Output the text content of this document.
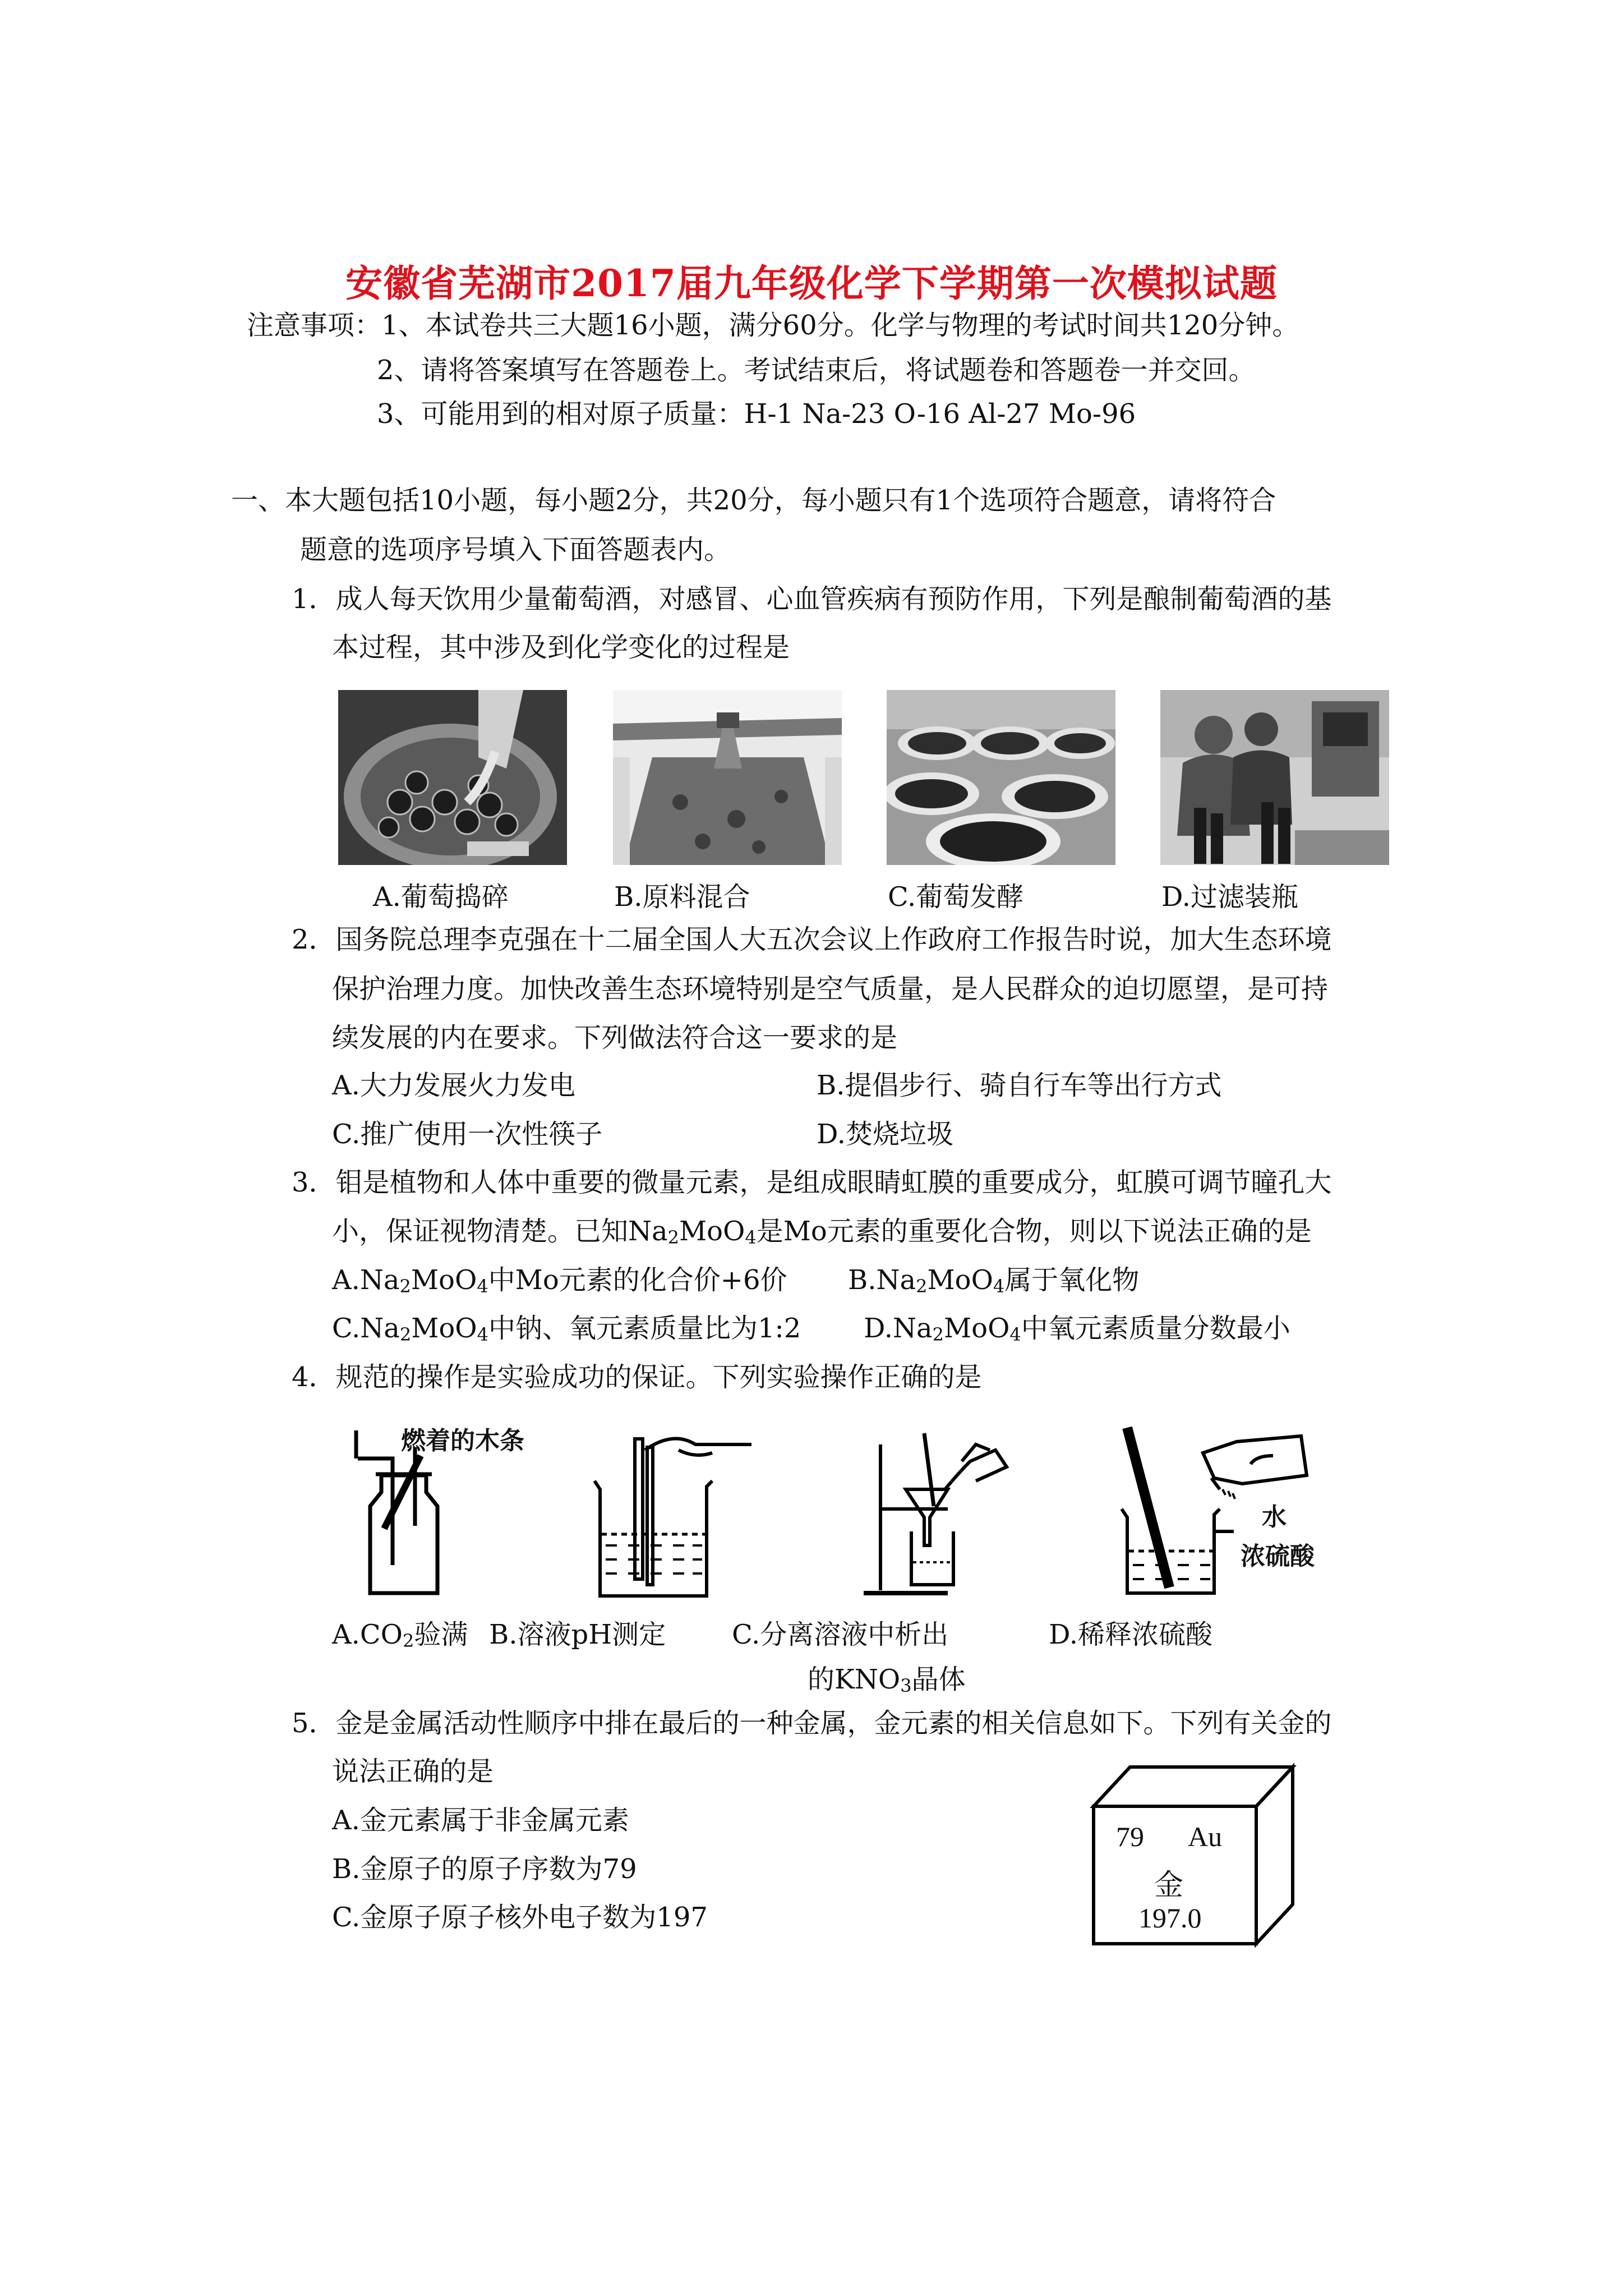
安徽省芜湖市2017届九年级化学下学期第一次模拟试题
注意事项：1、本试卷共三大题16小题，满分60分。化学与物理的考试时间共120分钟。
2、请将答案填写在答题卷上。考试结束后，将试题卷和答题卷一并交回。
3、可能用到的相对原子质量：H-1 Na-23 O-16 Al-27 Mo-96
一、本大题包括10小题，每小题2分，共20分，每小题只有1个选项符合题意，请将符合
题意的选项序号填入下面答题表内。
1．成人每天饮用少量葡萄酒，对感冒、心血管疾病有预防作用，下列是酿制葡萄酒的基
本过程，其中涉及到化学变化的过程是
A.葡萄捣碎	B.原料混合	C.葡萄发酵	D.过滤装瓶
2．国务院总理李克强在十二届全国人大五次会议上作政府工作报告时说，加大生态环境
保护治理力度。加快改善生态环境特别是空气质量，是人民群众的迫切愿望，是可持
续发展的内在要求。下列做法符合这一要求的是
A.大力发展火力发电	B.提倡步行、骑自行车等出行方式
C.推广使用一次性筷子	D.焚烧垃圾
3．钼是植物和人体中重要的微量元素，是组成眼睛虹膜的重要成分，虹膜可调节瞳孔大
小，保证视物清楚。已知$Na_2MoO_4$是Mo元素的重要化合物，则以下说法正确的是
$A.Na_2MoO_4$中Mo元素的化合价+6价 $B.Na_2MoO_4$属于氧化物
$C.Na_2MoO_4$中钠、氧元素质量比为1:2 $D.Na_2MoO_4$中氧元素质量分数最小
4．规范的操作是实验成功的保证。下列实验操作正确的是
燃着的木条
水
浓硫酸
$A.CO_2$验满 B.溶液pH测定 C.分离溶液中析出
的$KNO_3$晶体
D.稀释浓硫酸
5．金是金属活动性顺序中排在最后的一种金属，金元素的相关信息如下。下列有关金的
说法正确的是
A.金元素属于非金属元素
B.金原子的原子序数为79
C.金原子原子核外电子数为197
79 Au
金
197.0
